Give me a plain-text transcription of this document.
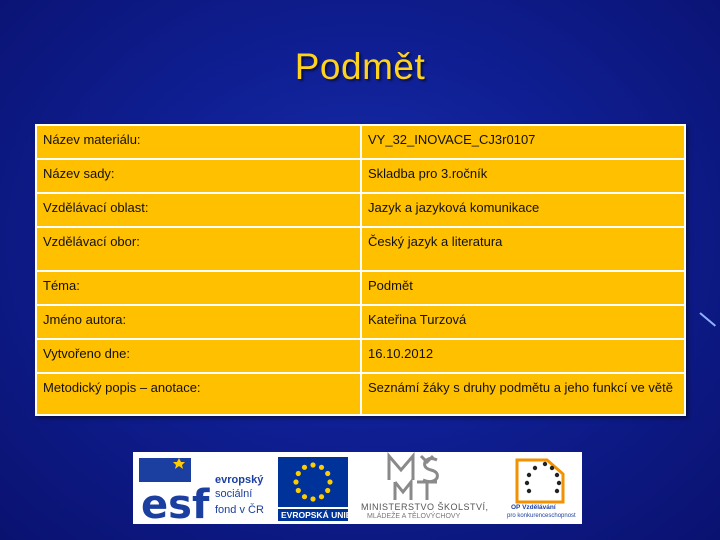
Podmět
Název materiálu:	VY_32_INOVACE_CJ3r0107
Název sady:	Skladba pro 3.ročník
Vzdělávací oblast:	Jazyk a jazyková komunikace
Vzdělávací obor:	Český jazyk a literatura
Téma:	Podmět
Jméno autora:	Kateřina Turzová
Vytvořeno dne:	16.10.2012
Metodický popis – anotace:	Seznámí žáky s druhy podmětu a jeho funkcí ve větě
esf
evropský
sociální
fond v ČR EVROPSKÁ UNIE
MINISTERSTVO ŠKOLSTVÍ,
MLÁDEŽE A TĚLOVÝCHOVY
OP Vzdělávání
pro konkurenceschopnost
